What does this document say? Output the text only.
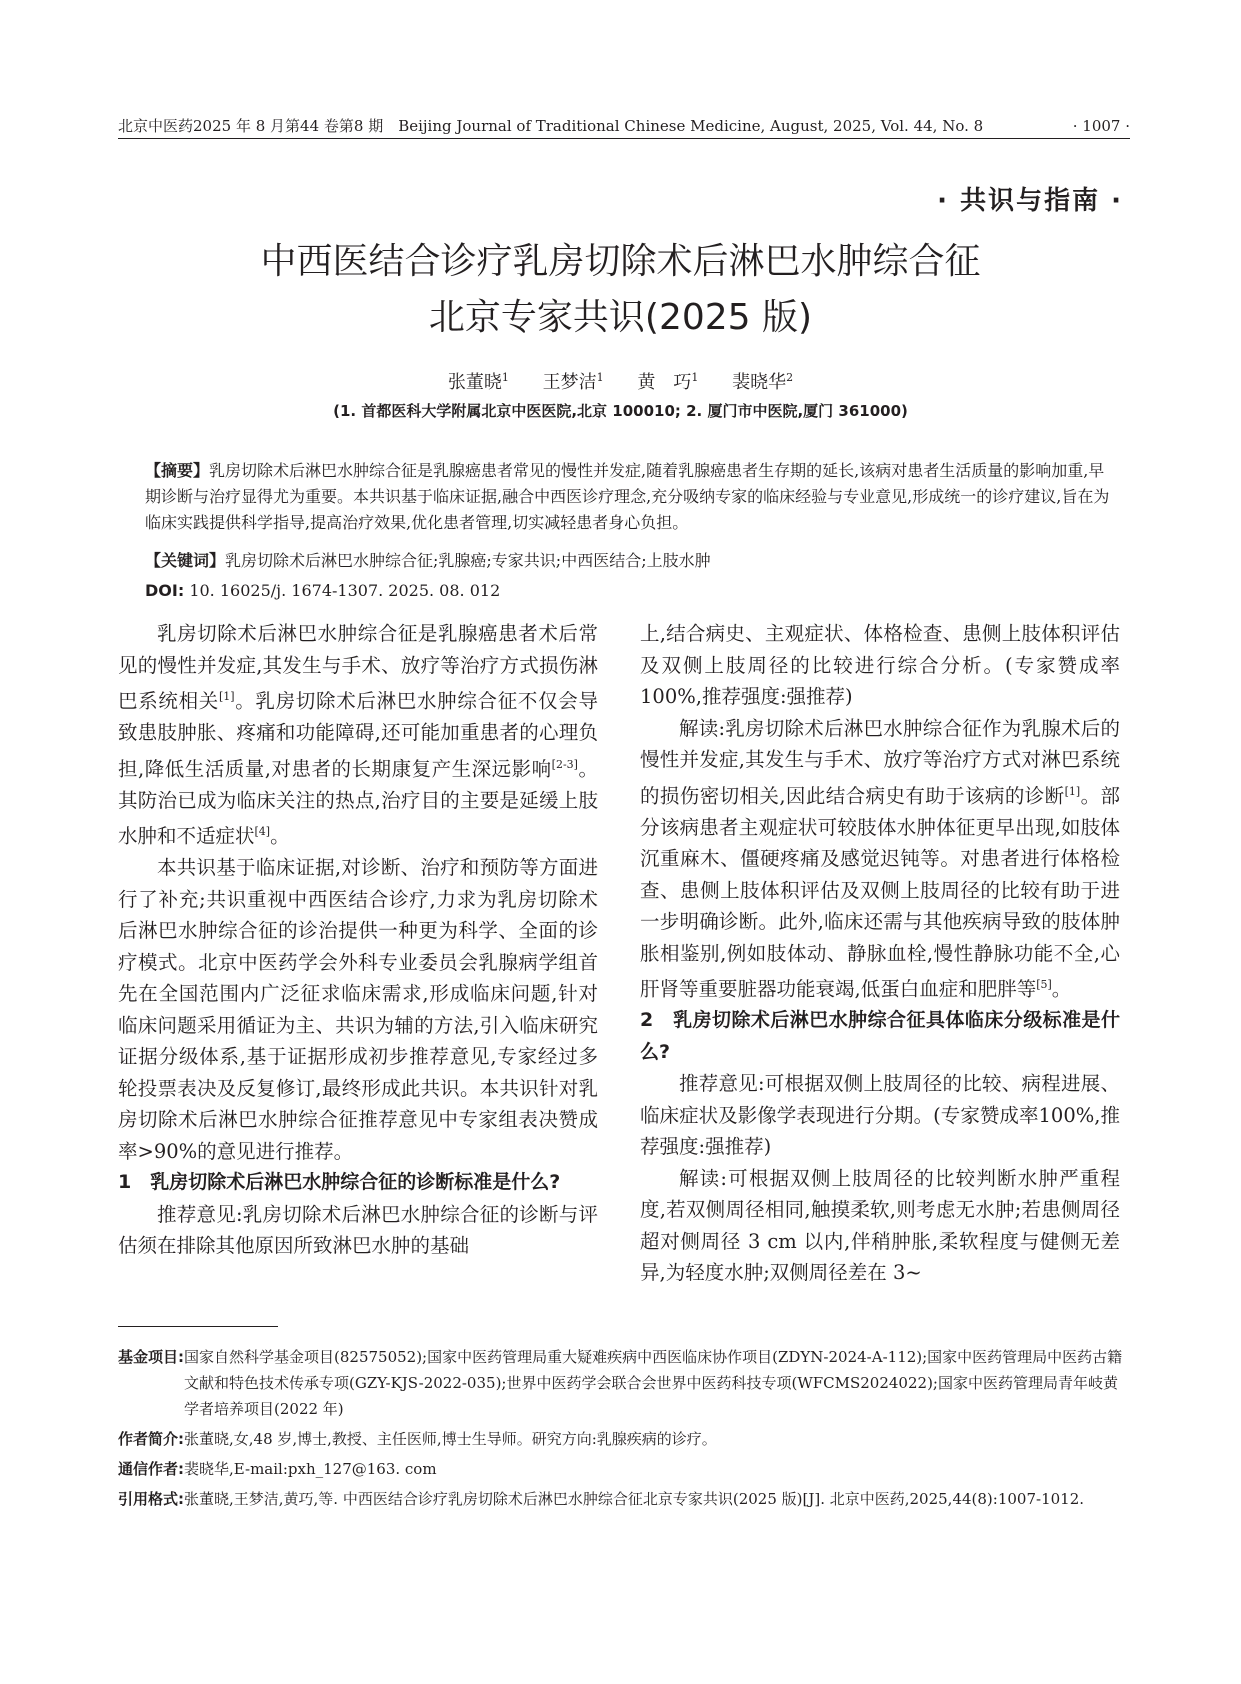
北京中医药2025 年 8 月第44 卷第8 期　Beijing Journal of Traditional Chinese Medicine, August, 2025, Vol. 44, No. 8	· 1007 ·
· 共识与指南 ·
中西医结合诊疗乳房切除术后淋巴水肿综合征
北京专家共识(2025 版)
张董晓$^1$ 王梦洁$^1$ 黄　巧$^1$ 裴晓华$^2$
(1. 首都医科大学附属北京中医医院,北京 100010; 2. 厦门市中医院,厦门 361000)
【摘要】乳房切除术后淋巴水肿综合征是乳腺癌患者常见的慢性并发症,随着乳腺癌患者生存期的延长,该病对患者生活质量的影响加重,早期诊断与治疗显得尤为重要。本共识基于临床证据,融合中西医诊疗理念,充分吸纳专家的临床经验与专业意见,形成统一的诊疗建议,旨在为临床实践提供科学指导,提高治疗效果,优化患者管理,切实减轻患者身心负担。
【关键词】乳房切除术后淋巴水肿综合征;乳腺癌;专家共识;中西医结合;上肢水肿
DOI: 10. 16025/j. 1674-1307. 2025. 08. 012

乳房切除术后淋巴水肿综合征是乳腺癌患者术后常见的慢性并发症,其发生与手术、放疗等治疗方式损伤淋巴系统相关[1]。乳房切除术后淋巴水肿综合征不仅会导致患肢肿胀、疼痛和功能障碍,还可能加重患者的心理负担,降低生活质量,对患者的长期康复产生深远影响[2-3]。其防治已成为临床关注的热点,治疗目的主要是延缓上肢水肿和不适症状[4]。

本共识基于临床证据,对诊断、治疗和预防等方面进行了补充;共识重视中西医结合诊疗,力求为乳房切除术后淋巴水肿综合征的诊治提供一种更为科学、全面的诊疗模式。北京中医药学会外科专业委员会乳腺病学组首先在全国范围内广泛征求临床需求,形成临床问题,针对临床问题采用循证为主、共识为辅的方法,引入临床研究证据分级体系,基于证据形成初步推荐意见,专家经过多轮投票表决及反复修订,最终形成此共识。本共识针对乳房切除术后淋巴水肿综合征推荐意见中专家组表决赞成率>90%的意见进行推荐。

1　乳房切除术后淋巴水肿综合征的诊断标准是什么?

推荐意见:乳房切除术后淋巴水肿综合征的诊断与评估须在排除其他原因所致淋巴水肿的基础

上,结合病史、主观症状、体格检查、患侧上肢体积评估及双侧上肢周径的比较进行综合分析。(专家赞成率100%,推荐强度:强推荐)

解读:乳房切除术后淋巴水肿综合征作为乳腺术后的慢性并发症,其发生与手术、放疗等治疗方式对淋巴系统的损伤密切相关,因此结合病史有助于该病的诊断[1]。部分该病患者主观症状可较肢体水肿体征更早出现,如肢体沉重麻木、僵硬疼痛及感觉迟钝等。对患者进行体格检查、患侧上肢体积评估及双侧上肢周径的比较有助于进一步明确诊断。此外,临床还需与其他疾病导致的肢体肿胀相鉴别,例如肢体动、静脉血栓,慢性静脉功能不全,心肝肾等重要脏器功能衰竭,低蛋白血症和肥胖等[5]。

2　乳房切除术后淋巴水肿综合征具体临床分级标准是什么?

推荐意见:可根据双侧上肢周径的比较、病程进展、临床症状及影像学表现进行分期。(专家赞成率100%,推荐强度:强推荐)

解读:可根据双侧上肢周径的比较判断水肿严重程度,若双侧周径相同,触摸柔软,则考虑无水肿;若患侧周径超对侧周径 3 cm 以内,伴稍肿胀,柔软程度与健侧无差异,为轻度水肿;双侧周径差在 3~

基金项目: 国家自然科学基金项目(82575052);国家中医药管理局重大疑难疾病中西医临床协作项目(ZDYN-2024-A-112);国家中医药管理局中医药古籍文献和特色技术传承专项(GZY-KJS-2022-035);世界中医药学会联合会世界中医药科技专项(WFCMS2024022);国家中医药管理局青年岐黄学者培养项目(2022 年)
作者简介: 张董晓,女,48 岁,博士,教授、主任医师,博士生导师。研究方向:乳腺疾病的诊疗。
通信作者: 裴晓华,E-mail:pxh_127@163. com
引用格式: 张董晓,王梦洁,黄巧,等. 中西医结合诊疗乳房切除术后淋巴水肿综合征北京专家共识(2025 版)[J]. 北京中医药,2025,44(8):1007-1012.
